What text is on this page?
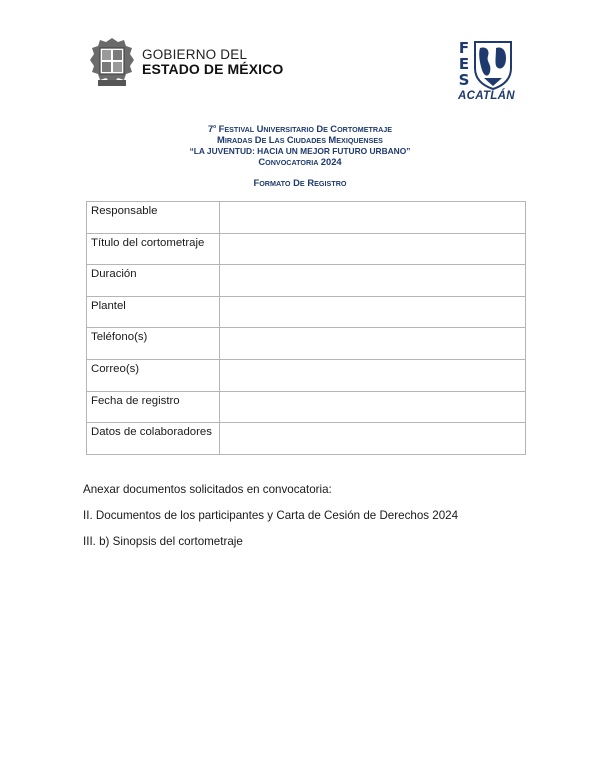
GOBIERNO DEL
ESTADO DE MÉXICO
F
E
S
ACATLÁN
7$^o$ FESTIVAL UNIVERSITARIO DE CORTOMETRAJE
MIRADAS DE LAS CIUDADES MEXIQUENSES
“LA JUVENTUD: HACIA UN MEJOR FUTURO URBANO”
CONVOCATORIA 2024
FORMATO DE REGISTRO
Responsable	
Título del cortometraje	
Duración	
Plantel	
Teléfono(s)	
Correo(s)	
Fecha de registro	
Datos de colaboradores	
Anexar documentos solicitados en convocatoria:
II. Documentos de los participantes y Carta de Cesión de Derechos 2024
III. b) Sinopsis del cortometraje
